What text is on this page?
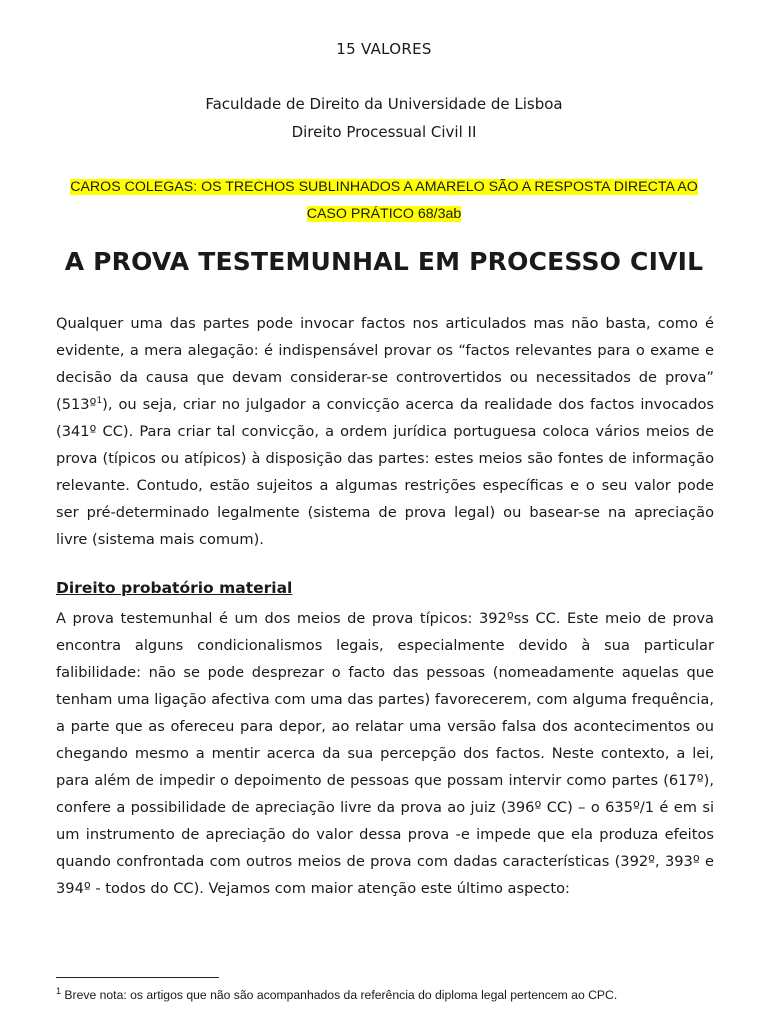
15 VALORES
Faculdade de Direito da Universidade de Lisboa
Direito Processual Civil II
CAROS COLEGAS: OS TRECHOS SUBLINHADOS A AMARELO SÃO A RESPOSTA DIRECTA AO
CASO PRÁTICO 68/3ab
A PROVA TESTEMUNHAL EM PROCESSO CIVIL

Qualquer uma das partes pode invocar factos nos articulados mas não basta, como é evidente, a mera alegação: é indispensável provar os “factos relevantes para o exame e decisão da causa que devam considerar-se controvertidos ou necessitados de prova” (513º$^1$), ou seja, criar no julgador a convicção acerca da realidade dos factos invocados (341º CC). Para criar tal convicção, a ordem jurídica portuguesa coloca vários meios de prova (típicos ou atípicos) à disposição das partes: estes meios são fontes de informação relevante. Contudo, estão sujeitos a algumas restrições específicas e o seu valor pode ser pré-determinado legalmente (sistema de prova legal) ou basear-se na apreciação livre (sistema mais comum).

Direito probatório material

A prova testemunhal é um dos meios de prova típicos: 392ºss CC. Este meio de prova encontra alguns condicionalismos legais, especialmente devido à sua particular falibilidade: não se pode desprezar o facto das pessoas (nomeadamente aquelas que tenham uma ligação afectiva com uma das partes) favorecerem, com alguma frequência, a parte que as ofereceu para depor, ao relatar uma versão falsa dos acontecimentos ou chegando mesmo a mentir acerca da sua percepção dos factos. Neste contexto, a lei, para além de impedir o depoimento de pessoas que possam intervir como partes (617º), confere a possibilidade de apreciação livre da prova ao juiz (396º CC) – o 635º/1 é em si um instrumento de apreciação do valor dessa prova -e impede que ela produza efeitos quando confrontada com outros meios de prova com dadas características (392º, 393º e 394º - todos do CC). Vejamos com maior atenção este último aspecto:

$^1$ Breve nota: os artigos que não são acompanhados da referência do diploma legal pertencem ao CPC.
